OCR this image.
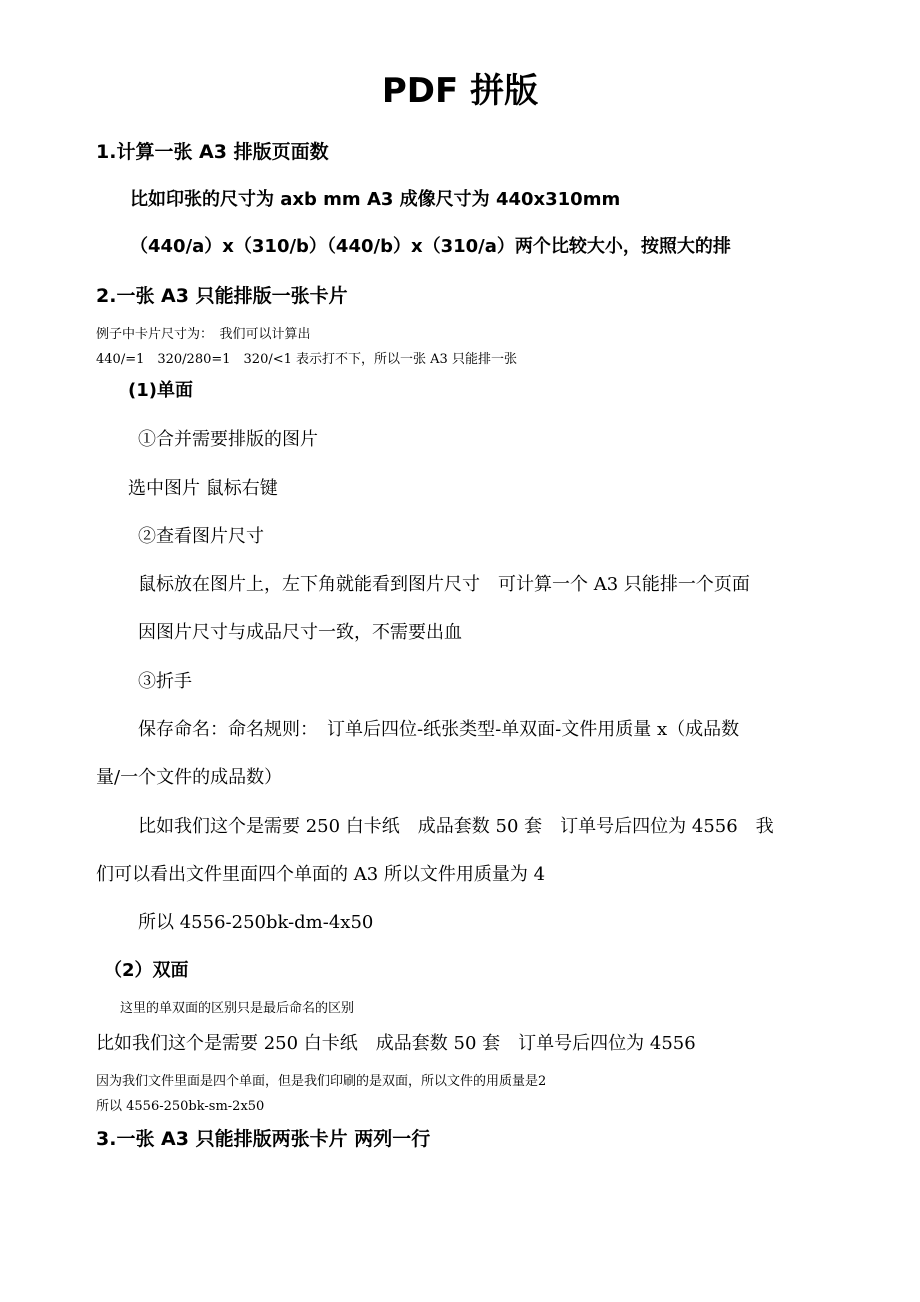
PDF 拼版
1.计算一张 A3 排版页面数
比如印张的尺寸为 axb mm A3 成像尺寸为 440x310mm
（440/a）x（310/b）（440/b）x（310/a）两个比较大小，按照大的排
2.一张 A3 只能排版一张卡片
例子中卡片尺寸为：　我们可以计算出
440/=1　320/280=1　320/<1 表示打不下，所以一张 A3 只能排一张
(1)单面
①合并需要排版的图片
选中图片 鼠标右键
②查看图片尺寸
鼠标放在图片上，左下角就能看到图片尺寸　可计算一个 A3 只能排一个页面
因图片尺寸与成品尺寸一致，不需要出血
③折手
保存命名：命名规则：　订单后四位-纸张类型-单双面-文件用质量 x（成品数
量/一个文件的成品数）
比如我们这个是需要 250 白卡纸　成品套数 50 套　订单号后四位为 4556　我
们可以看出文件里面四个单面的 A3 所以文件用质量为 4
所以 4556-250bk-dm-4x50
（2）双面
这里的单双面的区别只是最后命名的区别
比如我们这个是需要 250 白卡纸　成品套数 50 套　订单号后四位为 4556
因为我们文件里面是四个单面，但是我们印刷的是双面，所以文件的用质量是2
所以 4556-250bk-sm-2x50
3.一张 A3 只能排版两张卡片 两列一行
